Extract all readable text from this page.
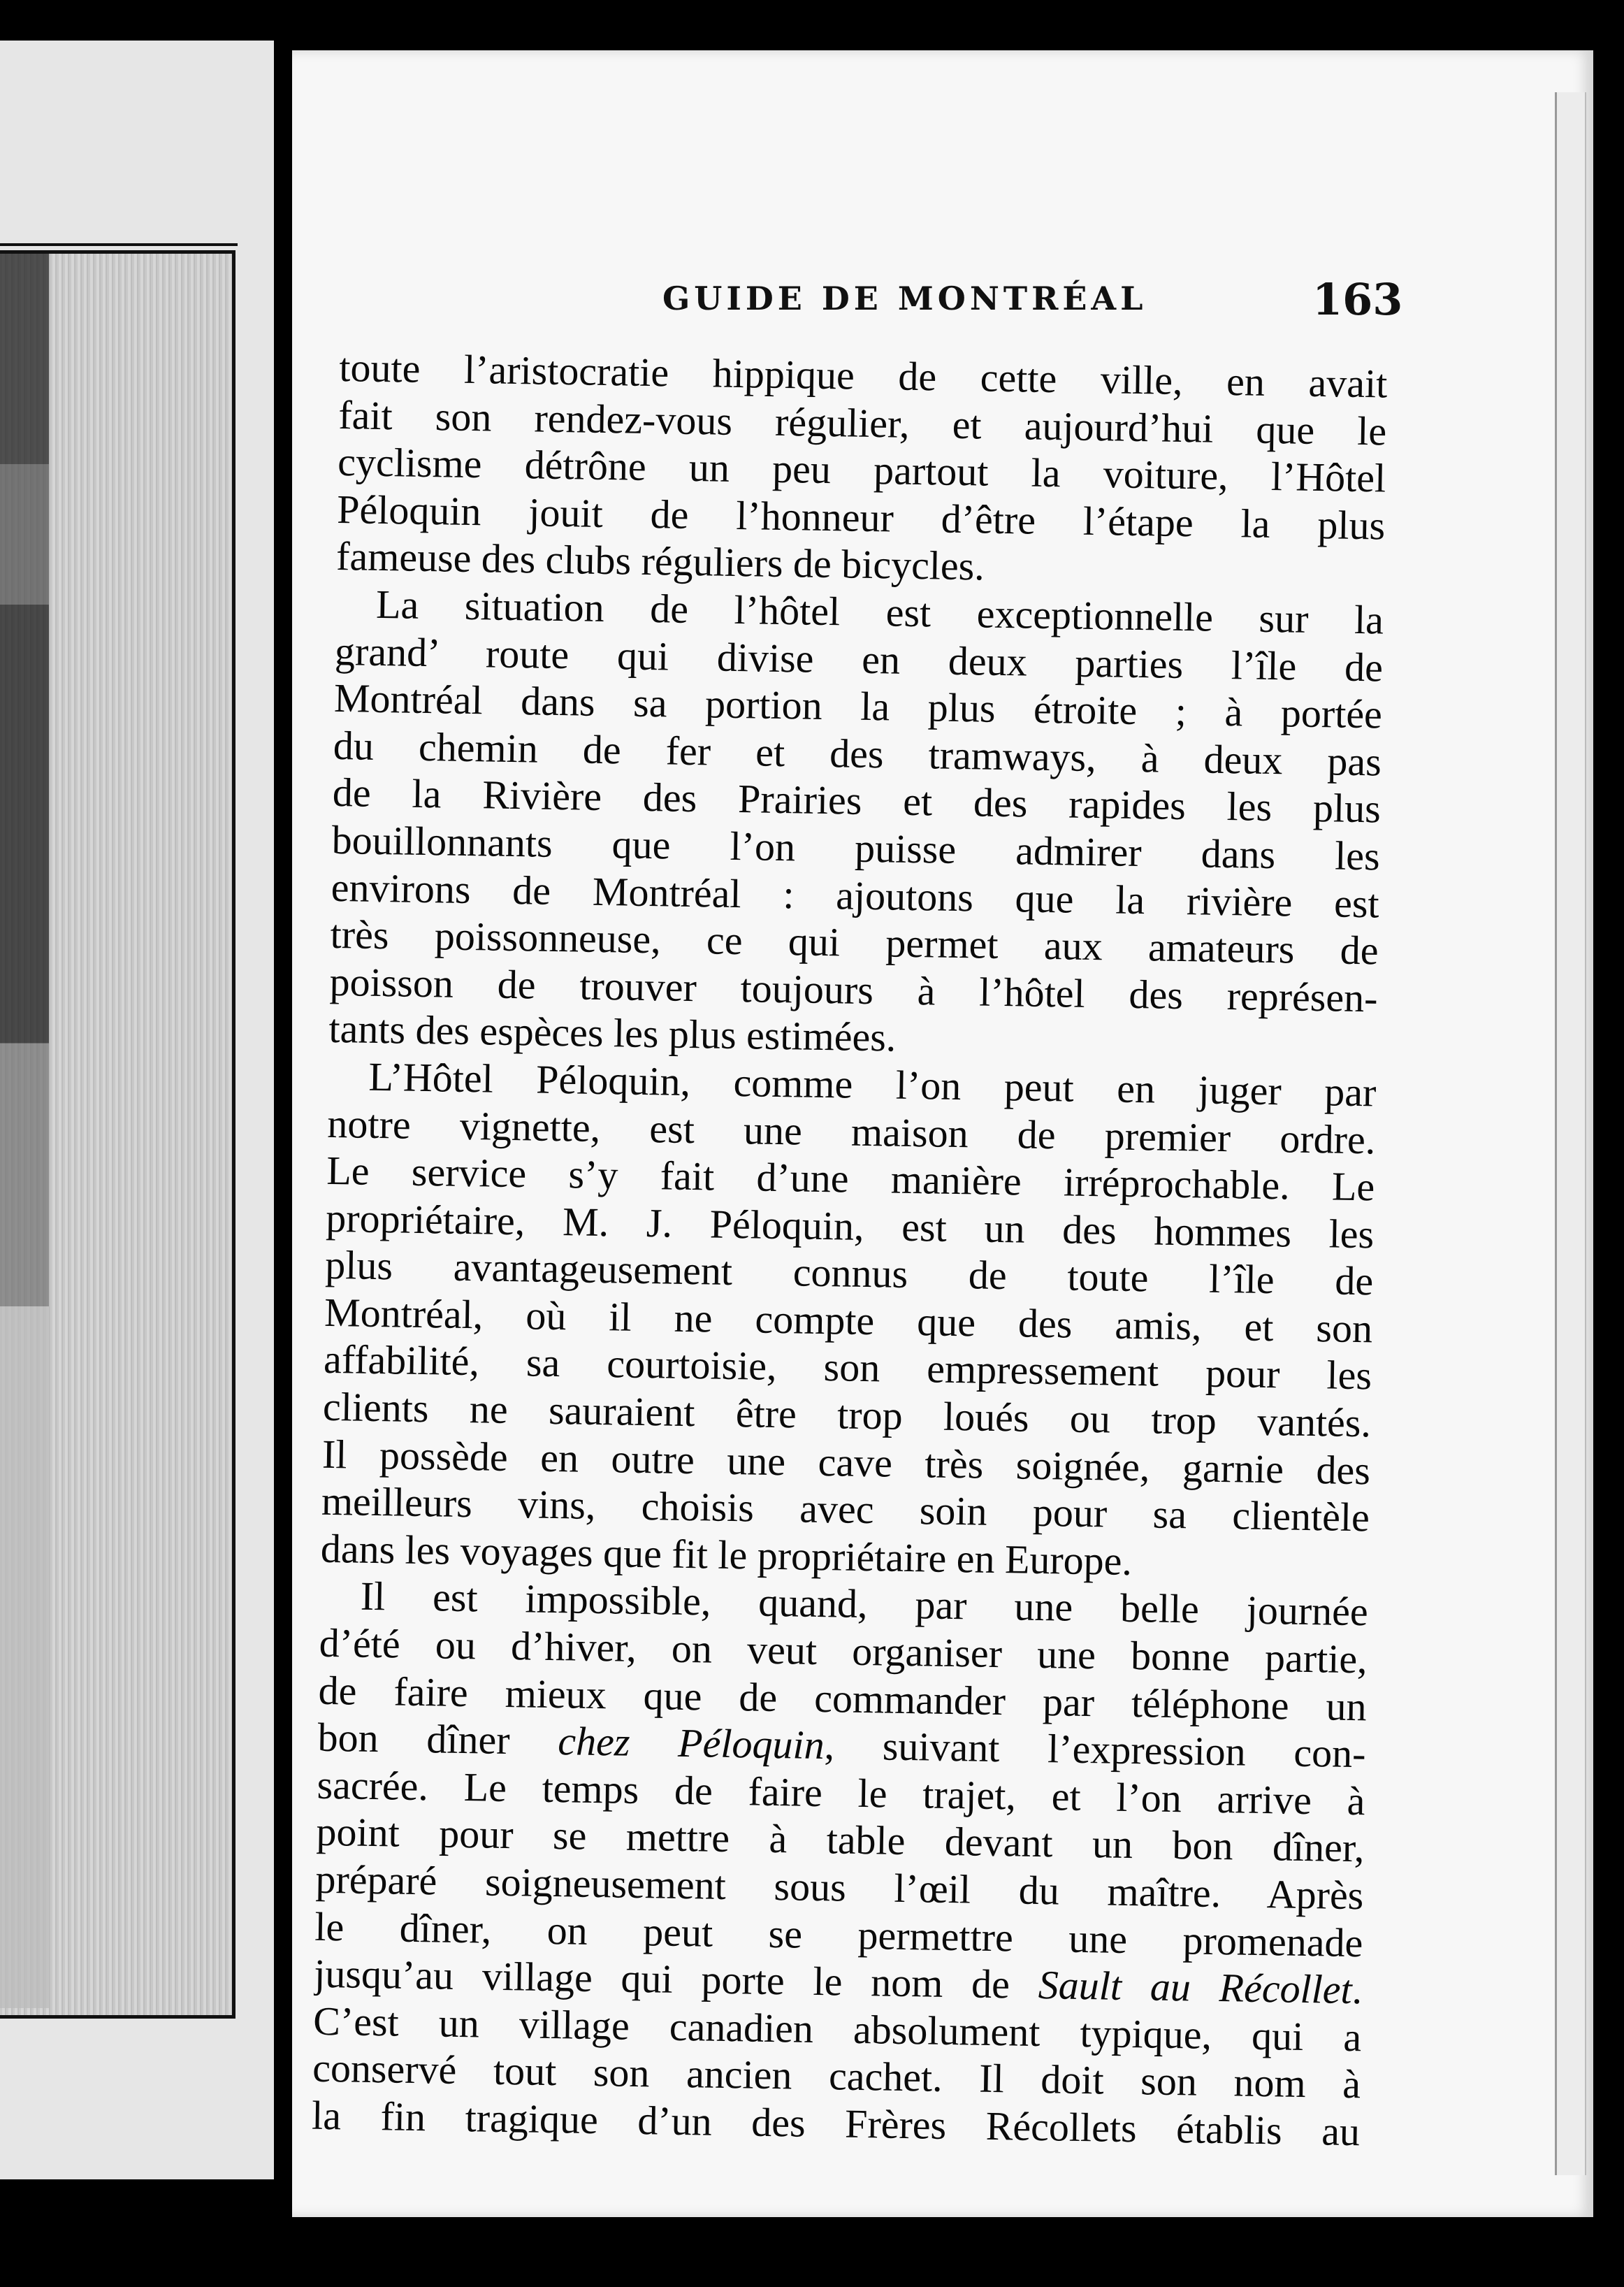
GUIDE DE MONTRÉAL	163
toute l’aristocratie hippique de cette ville, en avait
fait son rendez-vous régulier, et aujourd’hui que le
cyclisme détrône un peu partout la voiture, l’Hôtel
Péloquin jouit de l’honneur d’être l’étape la plus
fameuse des clubs réguliers de bicycles.
La situation de l’hôtel est exceptionnelle sur la
grand’ route qui divise en deux parties l’île de
Montréal dans sa portion la plus étroite ; à portée
du chemin de fer et des tramways, à deux pas
de la Rivière des Prairies et des rapides les plus
bouillonnants que l’on puisse admirer dans les
environs de Montréal : ajoutons que la rivière est
très poissonneuse, ce qui permet aux amateurs de
poisson de trouver toujours à l’hôtel des représen-
tants des espèces les plus estimées.
L’Hôtel Péloquin, comme l’on peut en juger par
notre vignette, est une maison de premier ordre.
Le service s’y fait d’une manière irréprochable. Le
propriétaire, M. J. Péloquin, est un des hommes les
plus avantageusement connus de toute l’île de
Montréal, où il ne compte que des amis, et son
affabilité, sa courtoisie, son empressement pour les
clients ne sauraient être trop loués ou trop vantés.
Il possède en outre une cave très soignée, garnie des
meilleurs vins, choisis avec soin pour sa clientèle
dans les voyages que fit le propriétaire en Europe.
Il est impossible, quand, par une belle journée
d’été ou d’hiver, on veut organiser une bonne partie,
de faire mieux que de commander par téléphone un
bon dîner chez Péloquin, suivant l’expression con-
sacrée. Le temps de faire le trajet, et l’on arrive à
point pour se mettre à table devant un bon dîner,
préparé soigneusement sous l’œil du maître. Après
le dîner, on peut se permettre une promenade
jusqu’au village qui porte le nom de Sault au Récollet.
C’est un village canadien absolument typique, qui a
conservé tout son ancien cachet. Il doit son nom à
la fin tragique d’un des Frères Récollets établis au
